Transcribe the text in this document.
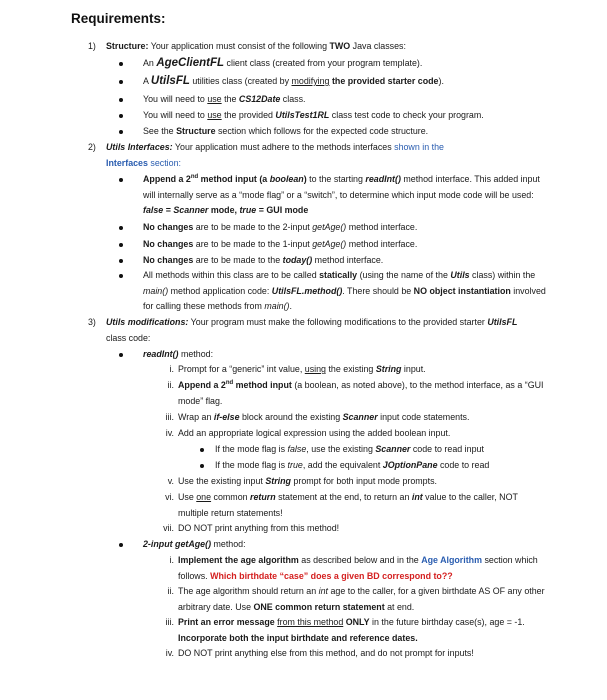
Requirements:
1) Structure: Your application must consist of the following TWO Java classes:
An AgeClientFL client class (created from your program template).
A UtilsFL utilities class (created by modifying the provided starter code).
You will need to use the CS12Date class.
You will need to use the provided UtilsTest1RL class test code to check your program.
See the Structure section which follows for the expected code structure.
2) Utils Interfaces: Your application must adhere to the methods interfaces shown in the
Interfaces section:
Append a 2nd method input (a boolean) to the starting readInt() method interface. This added input will internally serve as a “mode flag” or a “switch”, to determine which input mode code will be used: false = Scanner mode, true = GUI mode
No changes are to be made to the 2-input getAge() method interface.
No changes are to be made to the 1-input getAge() method interface.
No changes are to be made to the today() method interface.
All methods within this class are to be called statically (using the name of the Utils class) within the main() method application code: UtilsFL.method(). There should be NO object instantiation involved for calling these methods from main().
3) Utils modifications: Your program must make the following modifications to the provided starter UtilsFL class code:
readInt() method:
i. Prompt for a “generic” int value, using the existing String input.
ii. Append a 2nd method input (a boolean, as noted above), to the method interface, as a “GUI mode” flag.
iii. Wrap an if-else block around the existing Scanner input code statements.
iv. Add an appropriate logical expression using the added boolean input.
If the mode flag is false, use the existing Scanner code to read input
If the mode flag is true, add the equivalent JOptionPane code to read
v. Use the existing input String prompt for both input mode prompts.
vi. Use one common return statement at the end, to return an int value to the caller, NOT multiple return statements!
vii. DO NOT print anything from this method!
2-input getAge() method:
i. Implement the age algorithm as described below and in the Age Algorithm section which follows. Which birthdate “case” does a given BD correspond to??
ii. The age algorithm should return an int age to the caller, for a given birthdate AS OF any other arbitrary date. Use ONE common return statement at end.
iii. Print an error message from this method ONLY in the future birthday case(s), age = -1. Incorporate both the input birthdate and reference dates.
iv. DO NOT print anything else from this method, and do not prompt for inputs!
